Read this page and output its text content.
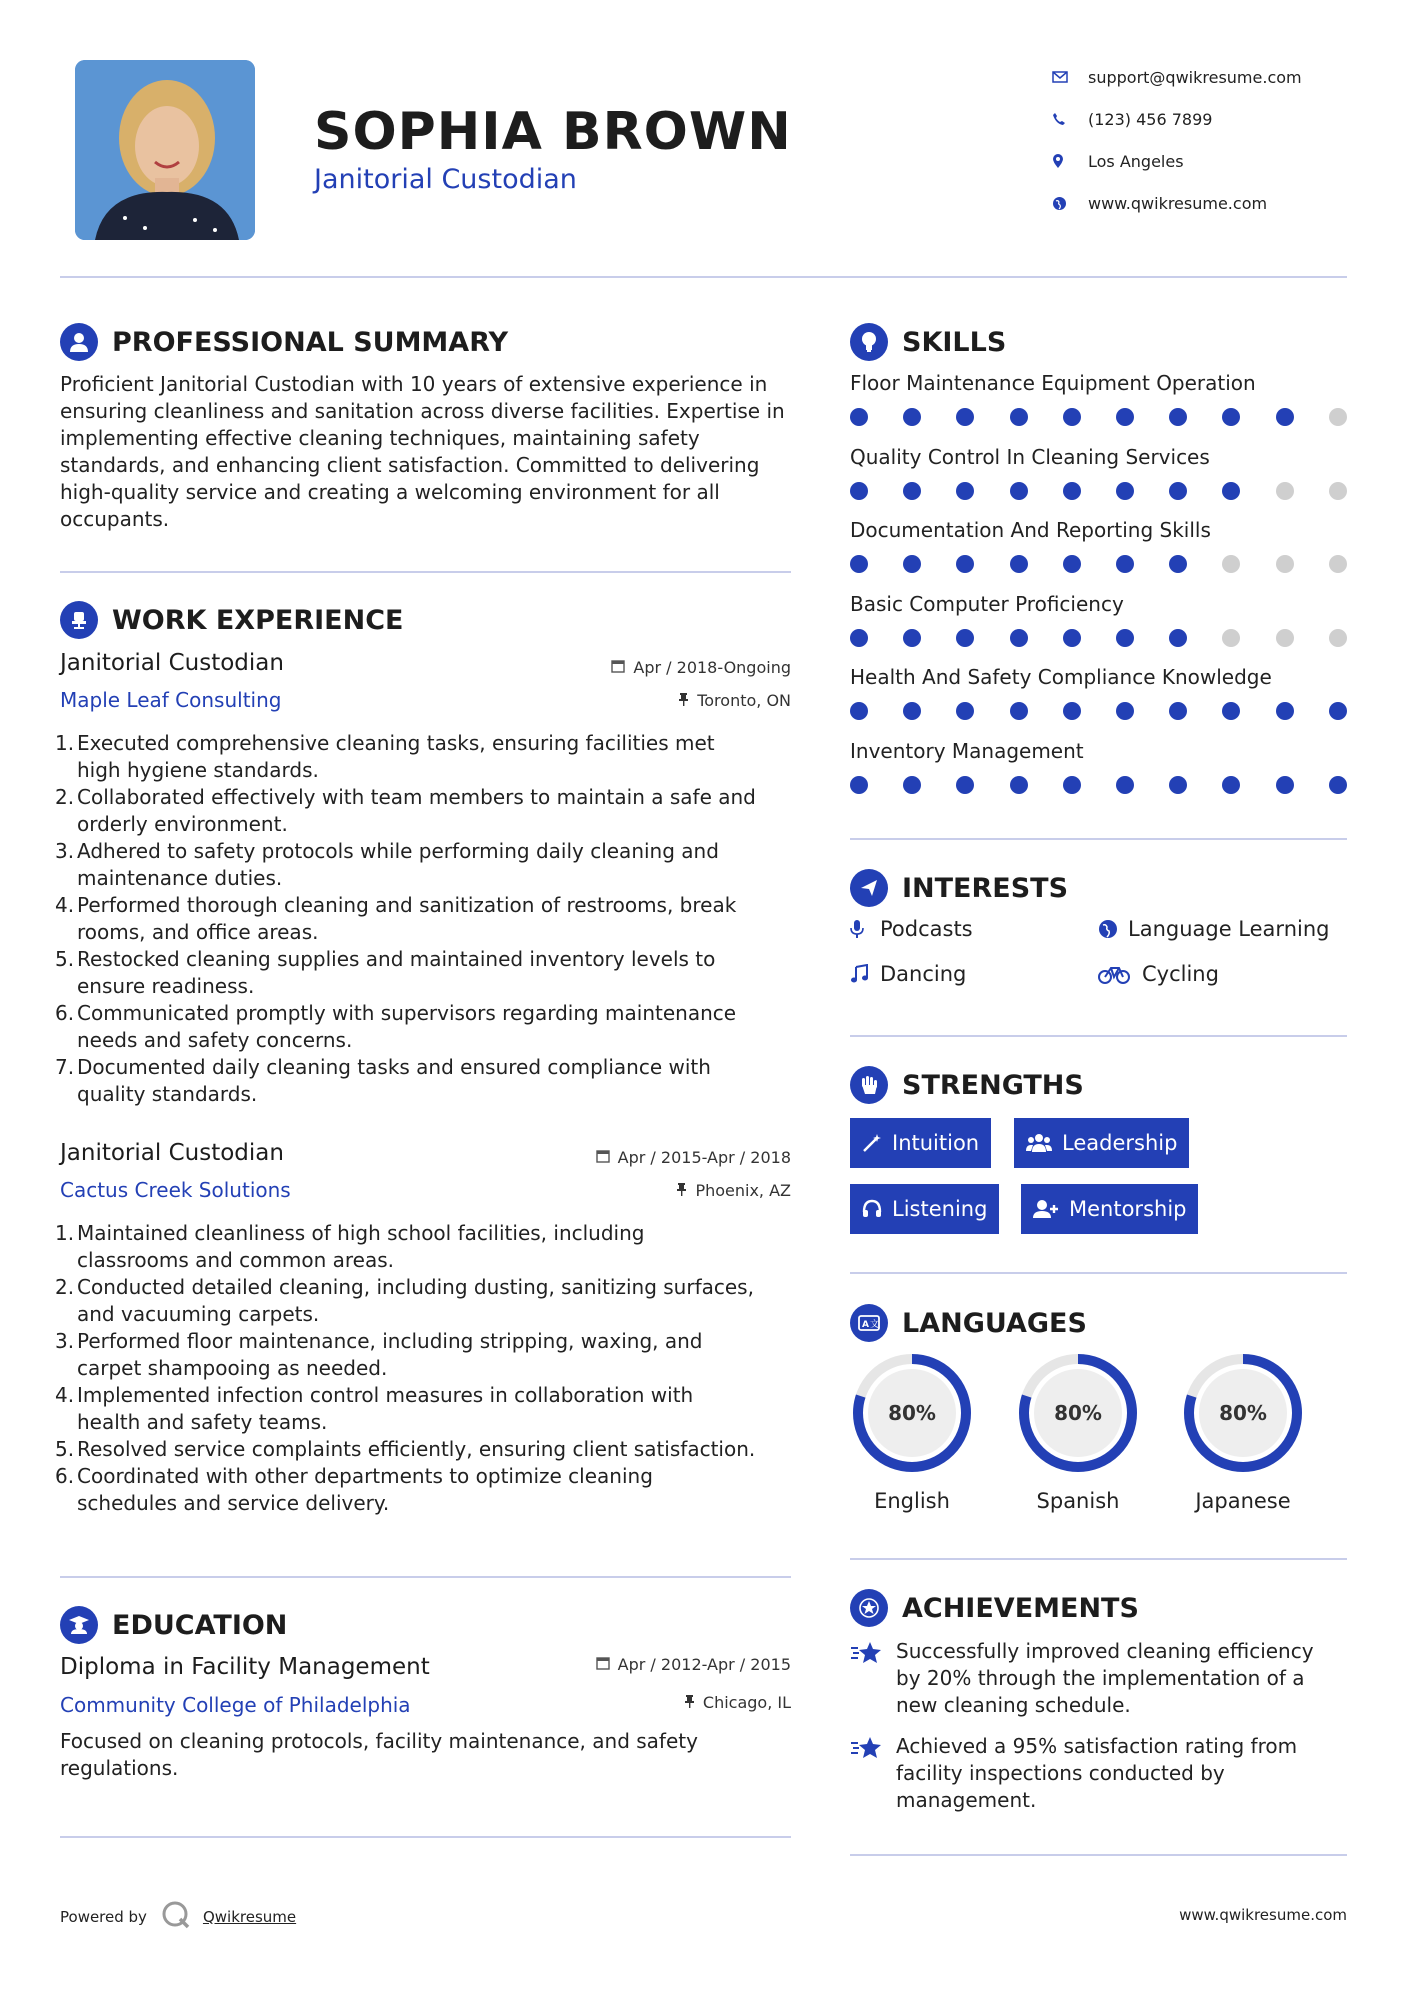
SOPHIA BROWN
Janitorial Custodian
support@qwikresume.com
(123) 456 7899
Los Angeles
www.qwikresume.com
PROFESSIONAL SUMMARY
Proficient Janitorial Custodian with 10 years of extensive experience in ensuring cleanliness and sanitation across diverse facilities. Expertise in implementing effective cleaning techniques, maintaining safety standards, and enhancing client satisfaction. Committed to delivering high-quality service and creating a welcoming environment for all occupants.
WORK EXPERIENCE
Janitorial Custodian
Maple Leaf Consulting
Apr / 2018-Ongoing
Toronto, ON
1. Executed comprehensive cleaning tasks, ensuring facilities met
high hygiene standards.
2. Collaborated effectively with team members to maintain a safe and
orderly environment.
3. Adhered to safety protocols while performing daily cleaning and
maintenance duties.
4. Performed thorough cleaning and sanitization of restrooms, break
rooms, and office areas.
5. Restocked cleaning supplies and maintained inventory levels to
ensure readiness.
6. Communicated promptly with supervisors regarding maintenance
needs and safety concerns.
7. Documented daily cleaning tasks and ensured compliance with
quality standards.
Janitorial Custodian
Cactus Creek Solutions
Apr / 2015-Apr / 2018
Phoenix, AZ
1. Maintained cleanliness of high school facilities, including
classrooms and common areas.
2. Conducted detailed cleaning, including dusting, sanitizing surfaces,
and vacuuming carpets.
3. Performed floor maintenance, including stripping, waxing, and
carpet shampooing as needed.
4. Implemented infection control measures in collaboration with
health and safety teams.
5. Resolved service complaints efficiently, ensuring client satisfaction.
6. Coordinated with other departments to optimize cleaning
schedules and service delivery.
EDUCATION
Diploma in Facility Management
Community College of Philadelphia
Apr / 2012-Apr / 2015
Chicago, IL
Focused on cleaning protocols, facility maintenance, and safety regulations.
SKILLS
Floor Maintenance Equipment Operation
Quality Control In Cleaning Services
Documentation And Reporting Skills
Basic Computer Proficiency
Health And Safety Compliance Knowledge
Inventory Management
INTERESTS
Podcasts	Language Learning
Dancing	Cycling
STRENGTHS
Intuition	Leadership
Listening	Mentorship
A 文 LANGUAGES
80%
English
80%
Spanish
80%
Japanese
ACHIEVEMENTS
Successfully improved cleaning efficiency
by 20% through the implementation of a
new cleaning schedule.
Achieved a 95% satisfaction rating from
facility inspections conducted by
management.
Powered by	Qwikresume	www.qwikresume.com
